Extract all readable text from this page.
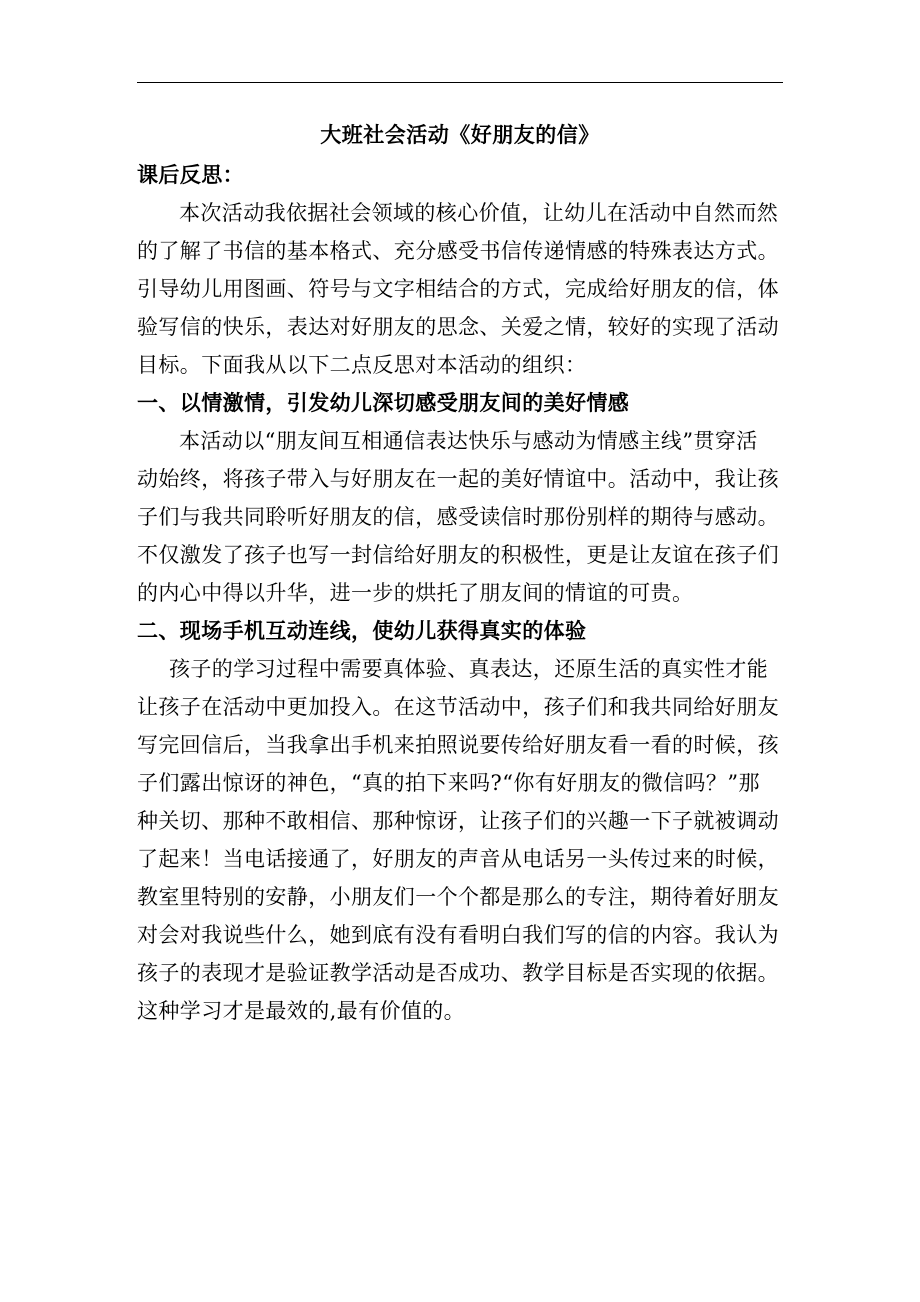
大班社会活动《好朋友的信》
课后反思：
本次活动我依据社会领域的核心价值，让幼儿在活动中自然而然
的了解了书信的基本格式、充分感受书信传递情感的特殊表达方式。
引导幼儿用图画、符号与文字相结合的方式，完成给好朋友的信，体
验写信的快乐，表达对好朋友的思念、关爱之情，较好的实现了活动
目标。下面我从以下二点反思对本活动的组织：
一、以情激情，引发幼儿深切感受朋友间的美好情感
本活动以“朋友间互相通信表达快乐与感动为情感主线”贯穿活
动始终，将孩子带入与好朋友在一起的美好情谊中。活动中，我让孩
子们与我共同聆听好朋友的信，感受读信时那份别样的期待与感动。
不仅激发了孩子也写一封信给好朋友的积极性，更是让友谊在孩子们
的内心中得以升华，进一步的烘托了朋友间的情谊的可贵。
二、现场手机互动连线，使幼儿获得真实的体验
孩子的学习过程中需要真体验、真表达，还原生活的真实性才能
让孩子在活动中更加投入。在这节活动中，孩子们和我共同给好朋友
写完回信后，当我拿出手机来拍照说要传给好朋友看一看的时候，孩
子们露出惊讶的神色，“真的拍下来吗?“你有好朋友的微信吗？”那
种关切、那种不敢相信、那种惊讶，让孩子们的兴趣一下子就被调动
了起来！当电话接通了，好朋友的声音从电话另一头传过来的时候，
教室里特别的安静，小朋友们一个个都是那么的专注，期待着好朋友
对会对我说些什么，她到底有没有看明白我们写的信的内容。我认为
孩子的表现才是验证教学活动是否成功、教学目标是否实现的依据。
这种学习才是最效的,最有价值的。
